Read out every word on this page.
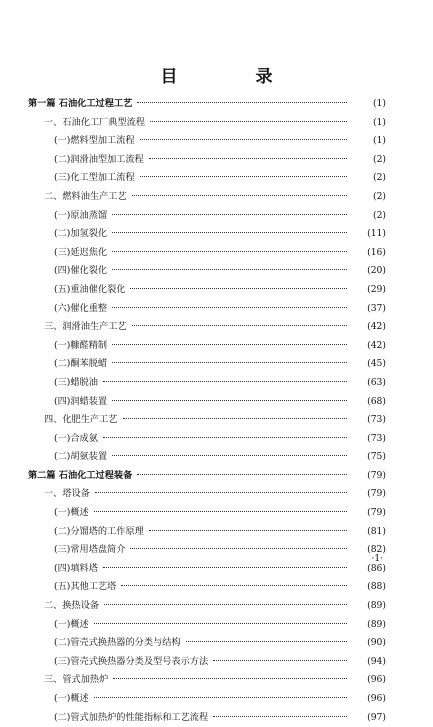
目 录
第一篇 石油化工过程工艺	(1)
一、石油化工厂典型流程	(1)
(一)燃料型加工流程	(1)
(二)润滑油型加工流程	(2)
(三)化工型加工流程	(2)
二、燃料油生产工艺	(2)
(一)原油蒸馏	(2)
(二)加氢裂化	(11)
(三)延迟焦化	(16)
(四)催化裂化	(20)
(五)重油催化裂化	(29)
(六)催化重整	(37)
三、润滑油生产工艺	(42)
(一)糠醛精制	(42)
(二)酮苯脱蜡	(45)
(三)蜡脱油	(63)
(四)润蜡装置	(68)
四、化肥生产工艺	(73)
(一)合成氨	(73)
(二)胡氨装置	(75)
第二篇 石油化工过程装备	(79)
一、塔设备	(79)
(一)概述	(79)
(二)分馏塔的工作原理	(81)
(三)常用塔盘简介	(82)
(四)填料塔	(86)
(五)其他工艺塔	(88)
二、换热设备	(89)
(一)概述	(89)
(二)管壳式换热器的分类与结构	(90)
(三)管壳式换热器分类及型号表示方法	(94)
三、管式加热炉	(96)
(一)概述	(96)
(二)管式加热炉的性能指标和工艺流程	(97)
·1·
